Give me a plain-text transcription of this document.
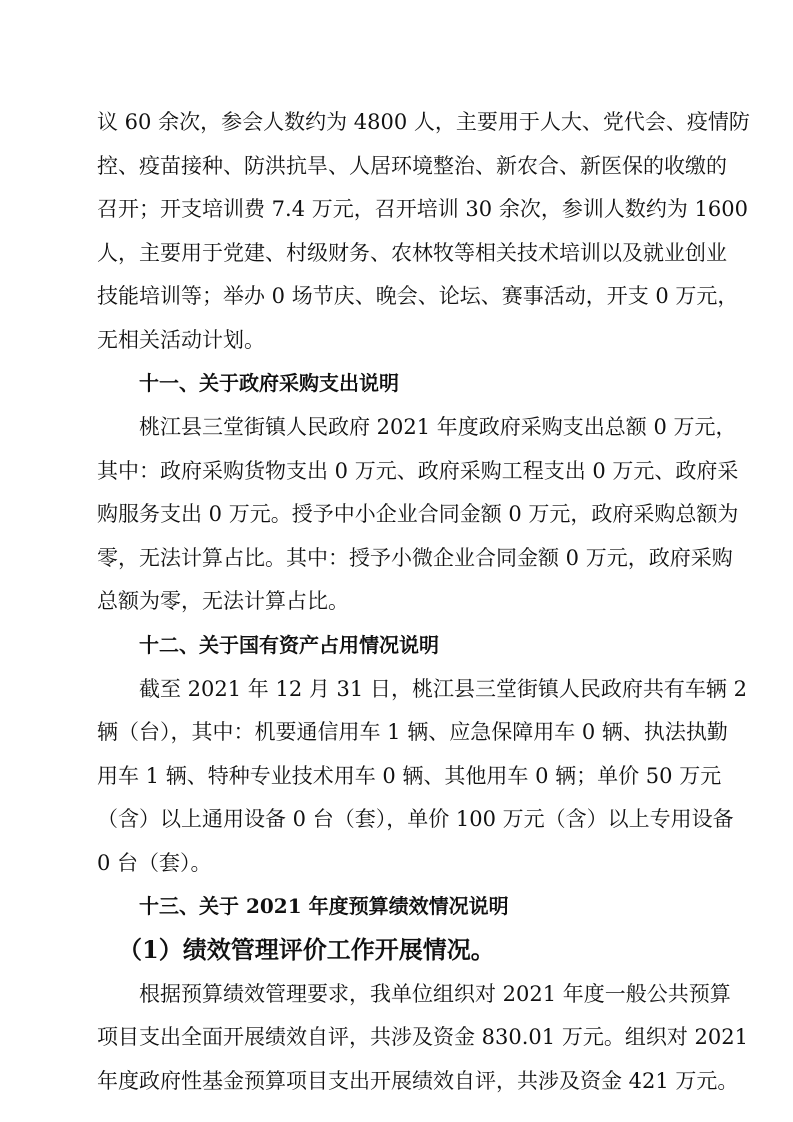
议 60 余次，参会人数约为 4800 人，主要用于人大、党代会、疫情防
控、疫苗接种、防洪抗旱、人居环境整治、新农合、新医保的收缴的
召开；开支培训费 7.4 万元，召开培训 30 余次，参训人数约为 1600
人，主要用于党建、村级财务、农林牧等相关技术培训以及就业创业
技能培训等；举办 0 场节庆、晚会、论坛、赛事活动，开支 0 万元，
无相关活动计划。
十一、关于政府采购支出说明
桃江县三堂街镇人民政府 2021 年度政府采购支出总额 0 万元，
其中：政府采购货物支出 0 万元、政府采购工程支出 0 万元、政府采
购服务支出 0 万元。授予中小企业合同金额 0 万元，政府采购总额为
零，无法计算占比。其中：授予小微企业合同金额 0 万元，政府采购
总额为零，无法计算占比。
十二、关于国有资产占用情况说明
截至 2021 年 12 月 31 日，桃江县三堂街镇人民政府共有车辆 2
辆（台），其中：机要通信用车 1 辆、应急保障用车 0 辆、执法执勤
用车 1 辆、特种专业技术用车 0 辆、其他用车 0 辆；单价 50 万元
（含）以上通用设备 0 台（套），单价 100 万元（含）以上专用设备
0 台（套）。
十三、关于 2021 年度预算绩效情况说明
（1）绩效管理评价工作开展情况。
根据预算绩效管理要求，我单位组织对 2021 年度一般公共预算
项目支出全面开展绩效自评，共涉及资金 830.01 万元。组织对 2021
年度政府性基金预算项目支出开展绩效自评，共涉及资金 421 万元。
